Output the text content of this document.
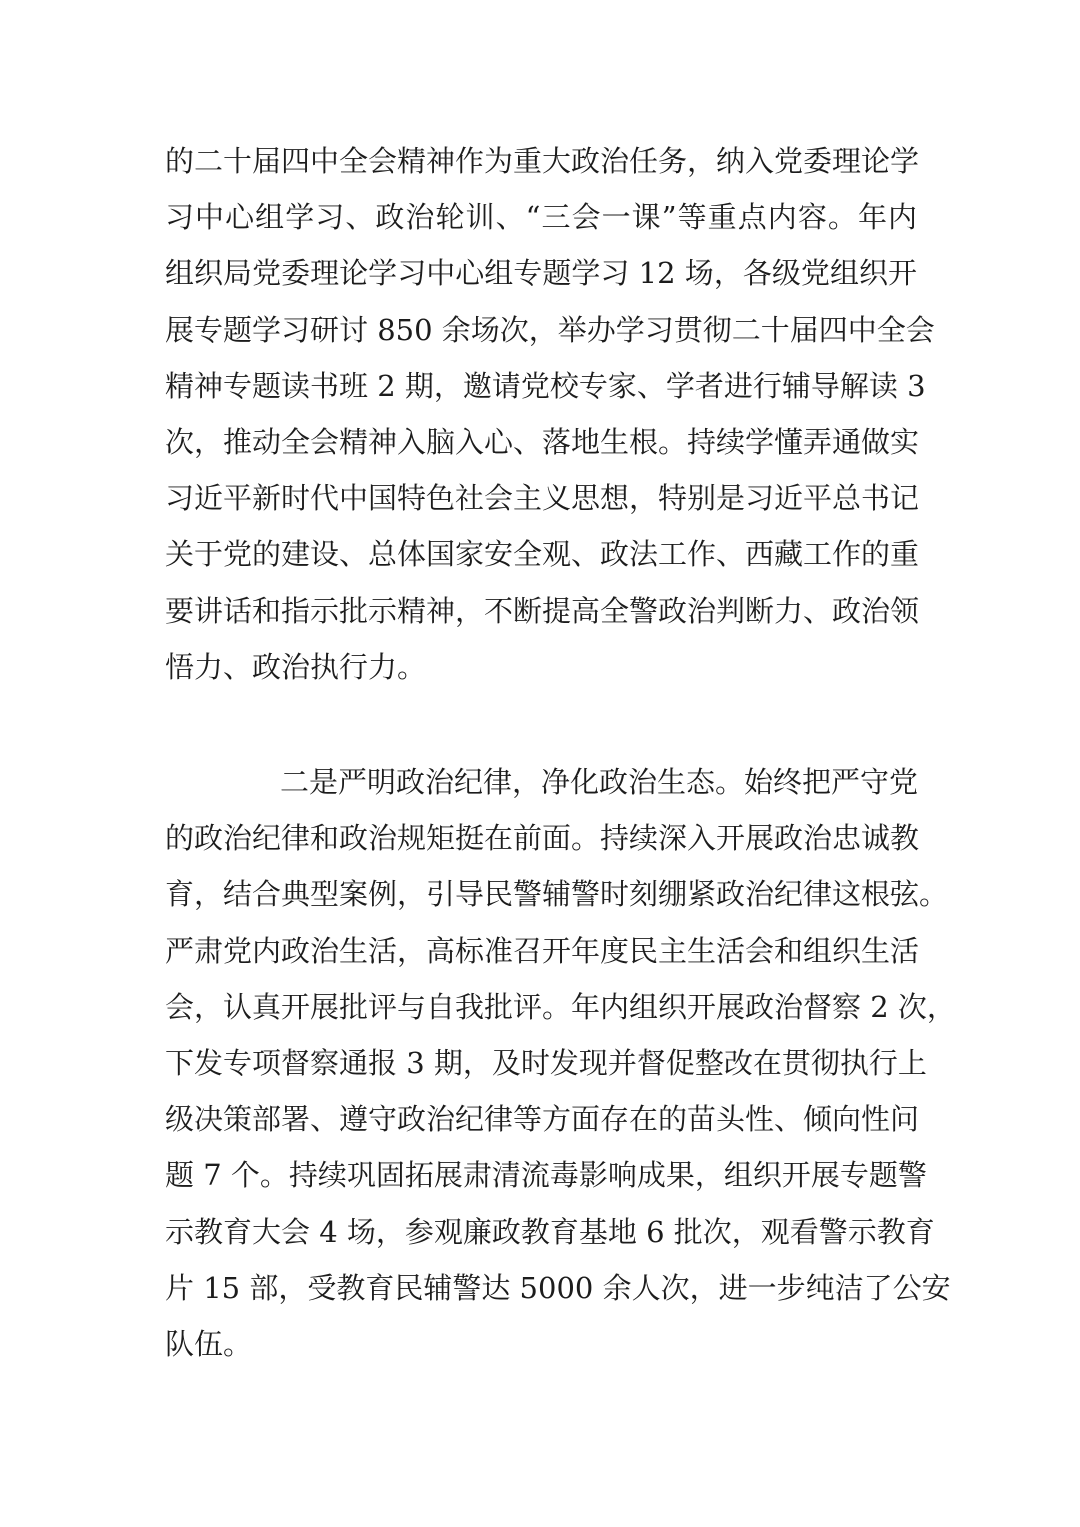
的二十届四中全会精神作为重大政治任务，纳入党委理论学
习中心组学习、政治轮训、“三会一课”等重点内容。年内
组织局党委理论学习中心组专题学习 12 场，各级党组织开
展专题学习研讨 850 余场次，举办学习贯彻二十届四中全会
精神专题读书班 2 期，邀请党校专家、学者进行辅导解读 3
次，推动全会精神入脑入心、落地生根。持续学懂弄通做实
习近平新时代中国特色社会主义思想，特别是习近平总书记
关于党的建设、总体国家安全观、政法工作、西藏工作的重
要讲话和指示批示精神，不断提高全警政治判断力、政治领
悟力、政治执行力。
二是严明政治纪律，净化政治生态。始终把严守党
的政治纪律和政治规矩挺在前面。持续深入开展政治忠诚教
育，结合典型案例，引导民警辅警时刻绷紧政治纪律这根弦。
严肃党内政治生活，高标准召开年度民主生活会和组织生活
会，认真开展批评与自我批评。年内组织开展政治督察 2 次，
下发专项督察通报 3 期，及时发现并督促整改在贯彻执行上
级决策部署、遵守政治纪律等方面存在的苗头性、倾向性问
题 7 个。持续巩固拓展肃清流毒影响成果，组织开展专题警
示教育大会 4 场，参观廉政教育基地 6 批次，观看警示教育
片 15 部，受教育民辅警达 5000 余人次，进一步纯洁了公安
队伍。
